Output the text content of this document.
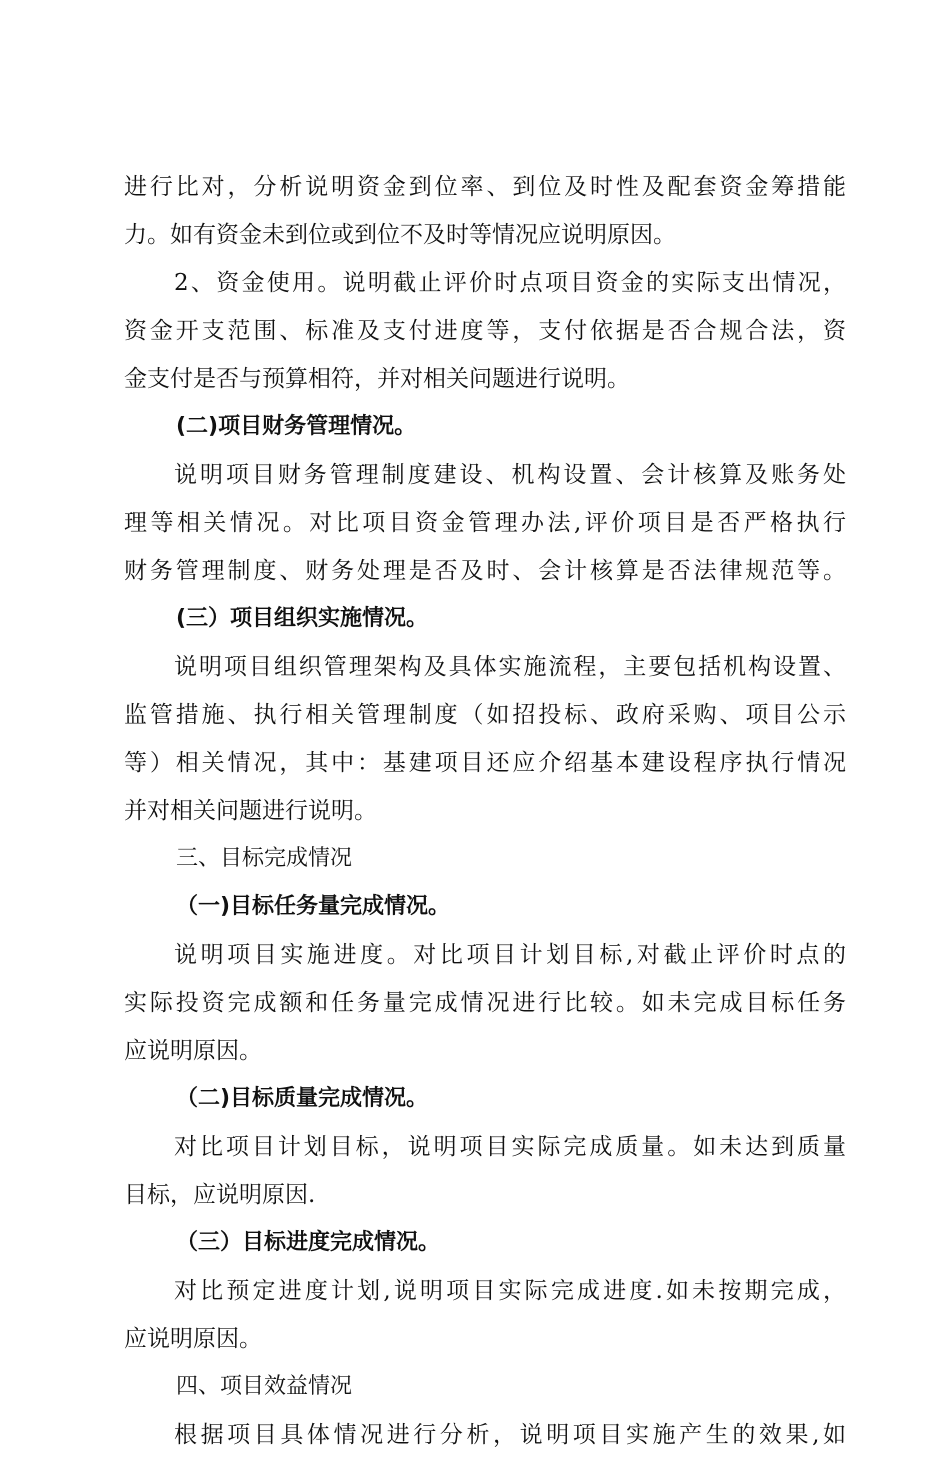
进行比对，分析说明资金到位率、到位及时性及配套资金筹措能
力。如有资金未到位或到位不及时等情况应说明原因。
2、资金使用。说明截止评价时点项目资金的实际支出情况，
资金开支范围、标准及支付进度等，支付依据是否合规合法，资
金支付是否与预算相符，并对相关问题进行说明。
(二)项目财务管理情况。
说明项目财务管理制度建设、机构设置、会计核算及账务处
理等相关情况。对比项目资金管理办法,评价项目是否严格执行
财务管理制度、财务处理是否及时、会计核算是否法律规范等。
(三）项目组织实施情况。
说明项目组织管理架构及具体实施流程，主要包括机构设置、
监管措施、执行相关管理制度（如招投标、政府采购、项目公示
等）相关情况，其中：基建项目还应介绍基本建设程序执行情况
并对相关问题进行说明。
三、目标完成情况
（一)目标任务量完成情况。
说明项目实施进度。对比项目计划目标,对截止评价时点的
实际投资完成额和任务量完成情况进行比较。如未完成目标任务
应说明原因。
（二)目标质量完成情况。
对比项目计划目标，说明项目实际完成质量。如未达到质量
目标，应说明原因.
（三）目标进度完成情况。
对比预定进度计划,说明项目实际完成进度.如未按期完成，
应说明原因。
四、项目效益情况
根据项目具体情况进行分析，说明项目实施产生的效果,如
